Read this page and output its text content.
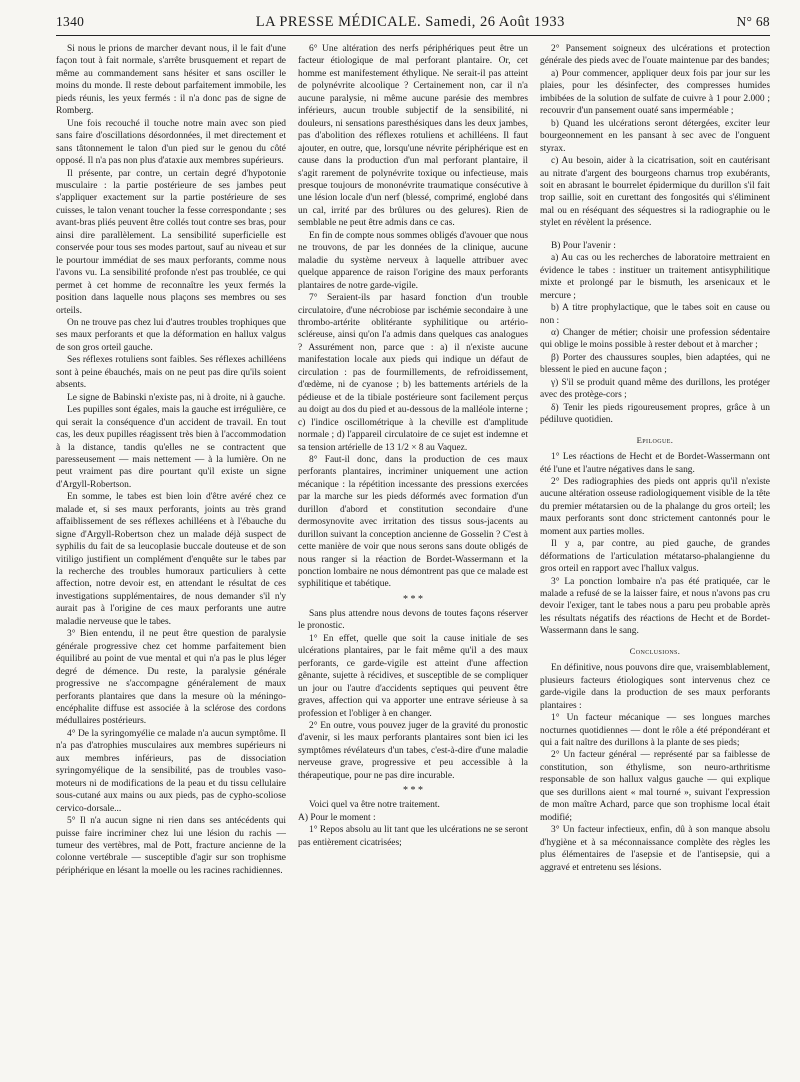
1340	LA PRESSE MÉDICALE. Samedi, 26 Août 1933	N° 68

Si nous le prions de marcher devant nous, il le fait d'une façon tout à fait normale, s'arrête brusquement et repart de même au commandement sans hésiter et sans osciller le moins du monde. Il reste debout parfaitement immobile, les pieds réunis, les yeux fermés : il n'a donc pas de signe de Romberg.

Une fois recouché il touche notre main avec son pied sans faire d'oscillations désordonnées, il met directement et sans tâtonnement le talon d'un pied sur le genou du côté opposé. Il n'a pas non plus d'ataxie aux membres supérieurs.

Il présente, par contre, un certain degré d'hypotonie musculaire : la partie postérieure de ses jambes peut s'appliquer exactement sur la partie postérieure de ses cuisses, le talon venant toucher la fesse correspondante ; ses avant-bras pliés peuvent être collés tout contre ses bras, pour ainsi dire parallèlement. La sensibilité superficielle est conservée pour tous ses modes partout, sauf au niveau et sur le pourtour immédiat de ses maux perforants, comme nous l'avons vu. La sensibilité profonde n'est pas troublée, ce qui permet à cet homme de reconnaître les yeux fermés la position dans laquelle nous plaçons ses membres ou ses orteils.

On ne trouve pas chez lui d'autres troubles trophiques que ses maux perforants et que la déformation en hallux valgus de son gros orteil gauche.

Ses réflexes rotuliens sont faibles. Ses réflexes achilléens sont à peine ébauchés, mais on ne peut pas dire qu'ils soient absents.

Le signe de Babinski n'existe pas, ni à droite, ni à gauche.

Les pupilles sont égales, mais la gauche est irrégulière, ce qui serait la conséquence d'un accident de travail. En tout cas, les deux pupilles réagissent très bien à l'accommodation à la distance, tandis qu'elles ne se contractent que paresseusement — mais nettement — à la lumière. On ne peut vraiment pas dire pourtant qu'il existe un signe d'Argyll-Robertson.

En somme, le tabes est bien loin d'être avéré chez ce malade et, si ses maux perforants, joints au très grand affaiblissement de ses réflexes achilléens et à l'ébauche du signe d'Argyll-Robertson chez un malade déjà suspect de syphilis du fait de sa leucoplasie buccale douteuse et de son vitiligo justifient un complément d'enquête sur le tabes par la recherche des troubles humoraux particuliers à cette affection, notre devoir est, en attendant le résultat de ces investigations supplémentaires, de nous demander s'il n'y aurait pas à l'origine de ces maux perforants une autre maladie nerveuse que le tabes.

3° Bien entendu, il ne peut être question de paralysie générale progressive chez cet homme parfaitement bien équilibré au point de vue mental et qui n'a pas le plus léger degré de démence. Du reste, la paralysie générale progressive ne s'accompagne généralement de maux perforants plantaires que dans la mesure où la méningo-encéphalite diffuse est associée à la sclérose des cordons médullaires postérieurs.

4° De la syringomyélie ce malade n'a aucun symptôme. Il n'a pas d'atrophies musculaires aux membres supérieurs ni aux membres inférieurs, pas de dissociation syringomyélique de la sensibilité, pas de troubles vaso-moteurs ni de modifications de la peau et du tissu cellulaire sous-cutané aux mains ou aux pieds, pas de cypho-scoliose cervico-dorsale...

5° Il n'a aucun signe ni rien dans ses antécédents qui puisse faire incriminer chez lui une lésion du rachis — tumeur des vertèbres, mal de Pott, fracture ancienne de la colonne vertébrale — susceptible d'agir sur son trophisme périphérique en lésant la moelle ou les racines rachidiennes.

6° Une altération des nerfs périphériques peut être un facteur étiologique de mal perforant plantaire. Or, cet homme est manifestement éthylique. Ne serait-il pas atteint de polynévrite alcoolique ? Certainement non, car il n'a aucune paralysie, ni même aucune parésie des membres inférieurs, aucun trouble subjectif de la sensibilité, ni douleurs, ni sensations paresthésiques dans les deux jambes, pas d'abolition des réflexes rotuliens et achilléens. Il faut ajouter, en outre, que, lorsqu'une névrite périphérique est en cause dans la production d'un mal perforant plantaire, il s'agit rarement de polynévrite toxique ou infectieuse, mais presque toujours de mononévrite traumatique consécutive à une lésion locale d'un nerf (blessé, comprimé, englobé dans un cal, irrité par des brûlures ou des gelures). Rien de semblable ne peut être admis dans ce cas.

En fin de compte nous sommes obligés d'avouer que nous ne trouvons, de par les données de la clinique, aucune maladie du système nerveux à laquelle attribuer avec quelque apparence de raison l'origine des maux perforants plantaires de notre garde-vigile.

7° Seraient-ils par hasard fonction d'un trouble circulatoire, d'une nécrobiose par ischémie secondaire à une thrombo-artérite oblitérante syphilitique ou artério-scléreuse, ainsi qu'on l'a admis dans quelques cas analogues ? Assurément non, parce que : a) il n'existe aucune manifestation locale aux pieds qui indique un défaut de circulation : pas de fourmillements, de refroidissement, d'œdème, ni de cyanose ; b) les battements artériels de la pédieuse et de la tibiale postérieure sont facilement perçus au doigt au dos du pied et au-dessous de la malléole interne ; c) l'indice oscillométrique à la cheville est d'amplitude normale ; d) l'appareil circulatoire de ce sujet est indemne et sa tension artérielle de 13 1/2 × 8 au Vaquez.

8° Faut-il donc, dans la production de ces maux perforants plantaires, incriminer uniquement une action mécanique : la répétition incessante des pressions exercées par la marche sur les pieds déformés avec formation d'un durillon d'abord et constitution secondaire d'une dermosynovite avec irritation des tissus sous-jacents au durillon suivant la conception ancienne de Gosselin ? C'est à cette manière de voir que nous serons sans doute obligés de nous ranger si la réaction de Bordet-Wassermann et la ponction lombaire ne nous démontrent pas que ce malade est syphilitique et tabétique.

* * *

Sans plus attendre nous devons de toutes façons réserver le pronostic.

1° En effet, quelle que soit la cause initiale de ses ulcérations plantaires, par le fait même qu'il a des maux perforants, ce garde-vigile est atteint d'une affection gênante, sujette à récidives, et susceptible de se compliquer un jour ou l'autre d'accidents septiques qui peuvent être graves, affection qui va apporter une entrave sérieuse à sa profession et l'obliger à en changer.

2° En outre, vous pouvez juger de la gravité du pronostic d'avenir, si les maux perforants plantaires sont bien ici les symptômes révélateurs d'un tabes, c'est-à-dire d'une maladie nerveuse grave, progressive et peu accessible à la thérapeutique, pour ne pas dire incurable.

* * *

Voici quel va être notre traitement.

A) Pour le moment :

1° Repos absolu au lit tant que les ulcérations ne se seront pas entièrement cicatrisées;

2° Pansement soigneux des ulcérations et protection générale des pieds avec de l'ouate maintenue par des bandes;

a) Pour commencer, appliquer deux fois par jour sur les plaies, pour les désinfecter, des compresses humides imbibées de la solution de sulfate de cuivre à 1 pour 2.000 ; recouvrir d'un pansement ouaté sans imperméable ;

b) Quand les ulcérations seront détergées, exciter leur bourgeonnement en les pansant à sec avec de l'onguent styrax.

c) Au besoin, aider à la cicatrisation, soit en cautérisant au nitrate d'argent des bourgeons charnus trop exubérants, soit en abrasant le bourrelet épidermique du durillon s'il fait trop saillie, soit en curettant des fongosités qui s'éliminent mal ou en réséquant des séquestres si la radiographie ou le stylet en révèlent la présence.

B) Pour l'avenir :

a) Au cas ou les recherches de laboratoire mettraient en évidence le tabes : instituer un traitement antisyphilitique mixte et prolongé par le bismuth, les arsenicaux et le mercure ;

b) A titre prophylactique, que le tabes soit en cause ou non :

α) Changer de métier; choisir une profession sédentaire qui oblige le moins possible à rester debout et à marcher ;

β) Porter des chaussures souples, bien adaptées, qui ne blessent le pied en aucune façon ;

γ) S'il se produit quand même des durillons, les protéger avec des protège-cors ;

δ) Tenir les pieds rigoureusement propres, grâce à un pédiluve quotidien.

Epilogue.

1° Les réactions de Hecht et de Bordet-Wassermann ont été l'une et l'autre négatives dans le sang.

2° Des radiographies des pieds ont appris qu'il n'existe aucune altération osseuse radiologiquement visible de la tête du premier métatarsien ou de la phalange du gros orteil; les maux perforants sont donc strictement cantonnés pour le moment aux parties molles.

Il y a, par contre, au pied gauche, de grandes déformations de l'articulation métatarso-phalangienne du gros orteil en rapport avec l'hallux valgus.

3° La ponction lombaire n'a pas été pratiquée, car le malade a refusé de se la laisser faire, et nous n'avons pas cru devoir l'exiger, tant le tabes nous a paru peu probable après les résultats négatifs des réactions de Hecht et de Bordet-Wassermann dans le sang.

Conclusions.

En définitive, nous pouvons dire que, vraisemblablement, plusieurs facteurs étiologiques sont intervenus chez ce garde-vigile dans la production de ses maux perforants plantaires :

1° Un facteur mécanique — ses longues marches nocturnes quotidiennes — dont le rôle a été prépondérant et qui a fait naître des durillons à la plante de ses pieds;

2° Un facteur général — représenté par sa faiblesse de constitution, son éthylisme, son neuro-arthritisme responsable de son hallux valgus gauche — qui explique que ses durillons aient « mal tourné », suivant l'expression de mon maître Achard, parce que son trophisme local était modifié;

3° Un facteur infectieux, enfin, dû à son manque absolu d'hygiène et à sa méconnaissance complète des règles les plus élémentaires de l'asepsie et de l'antisepsie, qui a aggravé et entretenu ses lésions.
